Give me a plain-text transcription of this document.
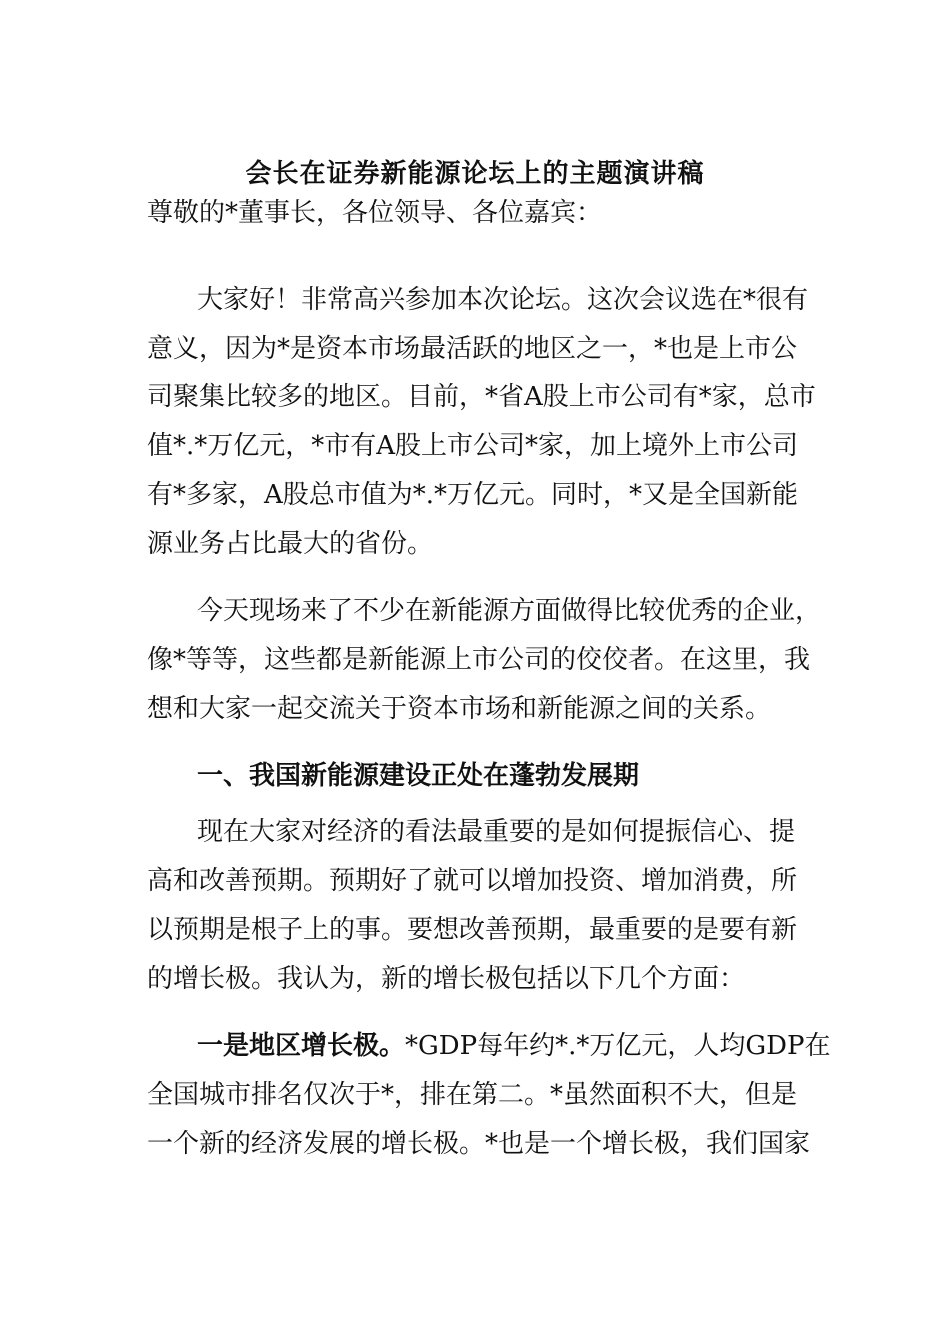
会长在证券新能源论坛上的主题演讲稿

尊敬的*董事长，各位领导、各位嘉宾：

大家好！非常高兴参加本次论坛。这次会议选在*很有

意义，因为*是资本市场最活跃的地区之一，*也是上市公

司聚集比较多的地区。目前，*省A股上市公司有*家，总市

值*.*万亿元，*市有A股上市公司*家，加上境外上市公司

有*多家，A股总市值为*.*万亿元。同时，*又是全国新能

源业务占比最大的省份。

今天现场来了不少在新能源方面做得比较优秀的企业，

像*等等，这些都是新能源上市公司的佼佼者。在这里，我

想和大家一起交流关于资本市场和新能源之间的关系。

一、我国新能源建设正处在蓬勃发展期

现在大家对经济的看法最重要的是如何提振信心、提

高和改善预期。预期好了就可以增加投资、增加消费，所

以预期是根子上的事。要想改善预期，最重要的是要有新

的增长极。我认为，新的增长极包括以下几个方面：

一是地区增长极。*GDP每年约*.*万亿元，人均GDP在

全国城市排名仅次于*，排在第二。*虽然面积不大，但是

一个新的经济发展的增长极。*也是一个增长极，我们国家
